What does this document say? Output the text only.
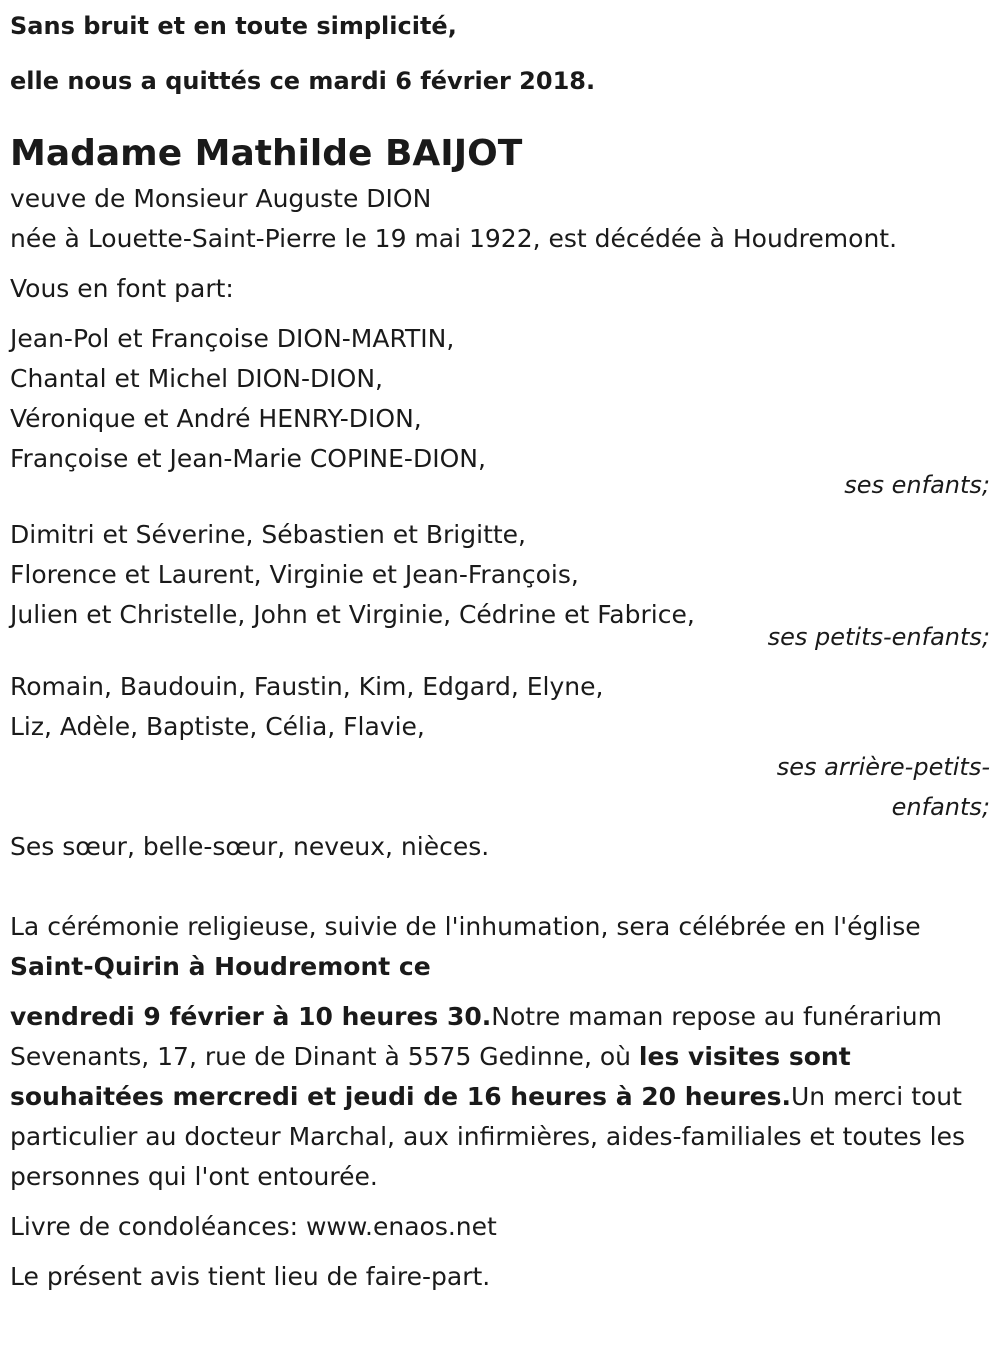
Sans bruit et en toute simplicité,

elle nous a quittés ce mardi 6 février 2018.

Madame Mathilde BAIJOT

veuve de Monsieur Auguste DION

née à Louette-Saint-Pierre le 19 mai 1922, est décédée à Houdremont.

Vous en font part:

Jean-Pol et Françoise DION-MARTIN,
Chantal et Michel DION-DION,
Véronique et André HENRY-DION,
Françoise et Jean-Marie COPINE-DION,
ses enfants;
Dimitri et Séverine, Sébastien et Brigitte,
Florence et Laurent, Virginie et Jean-François,
Julien et Christelle, John et Virginie, Cédrine et Fabrice,
ses petits-enfants;
Romain, Baudouin, Faustin, Kim, Edgard, Elyne,
Liz, Adèle, Baptiste, Célia, Flavie,
ses arrière-petits-
enfants;

Ses sœur, belle-sœur, neveux, nièces.

La cérémonie religieuse, suivie de l'inhumation, sera célébrée en l'église

Saint-Quirin à Houdremont ce

vendredi 9 février à 10 heures 30.Notre maman repose au funérarium Sevenants, 17, rue de Dinant à 5575 Gedinne, où les visites sont souhaitées mercredi et jeudi de 16 heures à 20 heures.Un merci tout particulier au docteur Marchal, aux infirmières, aides-familiales et toutes les personnes qui l'ont entourée.

Livre de condoléances: www.enaos.net

Le présent avis tient lieu de faire-part.
